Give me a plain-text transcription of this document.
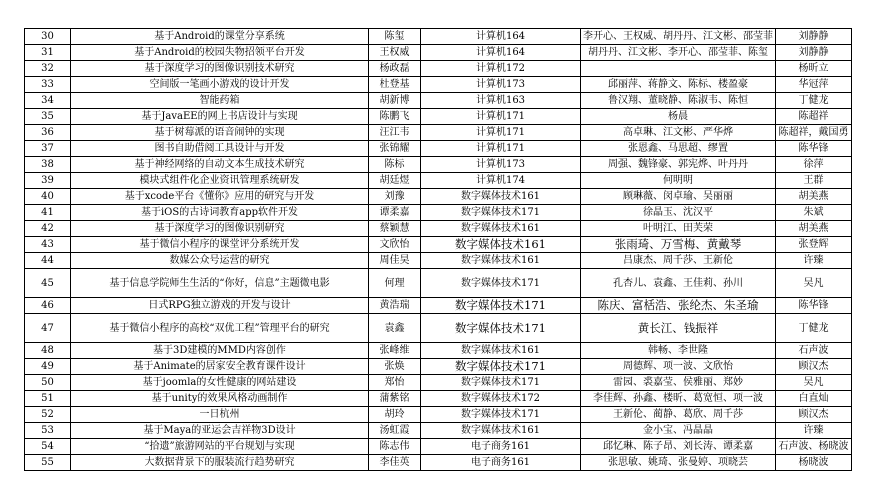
30	基于Android的课堂分享系统	陈玺	计算机164	李开心、王权威、胡丹丹、江文彬、邵莹菲	刘静静
31	基于Android的校园失物招领平台开发	王权威	计算机164	胡丹丹、江文彬、李开心、邵莹菲、陈玺	刘静静
32	基于深度学习的图像识别技术研究	杨政磊	计算机172		杨昕立
33	空间版一笔画小游戏的设计开发	杜登基	计算机173	邱丽萍、蒋静文、陈标、楼盈豪	华冠萍
34	智能药箱	胡新博	计算机163	鲁汉翔、董晓静、陈淑韦、陈恒	丁健龙
35	基于JavaEE的网上书店设计与实现	陈鹏飞	计算机171	杨晨	陈超祥
36	基于树莓派的语音闹钟的实现	汪江韦	计算机171	高卓琳、江文彬、严华烨	陈超祥，戴国勇
37	图书自助借阅工具设计与开发	张锦耀	计算机171	张恩鑫、马思超、缪置	陈华锋
38	基于神经网络的自动文本生成技术研究	陈标	计算机173	周强、魏锋豪、郭宪烨、叶丹丹	徐萍
39	模块式组件化企业资讯管理系统研发	胡廷煜	计算机174	何明明	王群
40	基于xcode平台《懂你》应用的研究与开发	刘豫	数字媒体技术161	顾琳薇、闵卓瑜、吴丽丽	胡美燕
41	基于iOS的古诗词教育app软件开发	谭柔嘉	数字媒体技术171	徐晶玉、沈汉平	朱斌
42	基于深度学习的图像识别研究	蔡颖慧	数字媒体技术161	叶明江、田芙荣	胡美燕
43	基于微信小程序的课堂评分系统开发	文欣怡	数字媒体技术161	张雨琦、万雪梅、黄戴琴	张登辉
44	数媒公众号运营的研究	周佳昊	数字媒体技术161	吕康杰、周千莎、王新伦	许臻
45	基于信息学院师生生活的“你好，信息”主题微电影	何理	数字媒体技术171	孔杏儿、袁鑫、王佳莉、孙川	吴凡
46	日式RPG独立游戏的开发与设计	黄浩瑞	数字媒体技术171	陈庆、富栝浩、张纶杰、朱圣瑜	陈华锋
47	基于微信小程序的高校“双优工程”管理平台的研究	袁鑫	数字媒体技术171	黄长江、钱振祥	丁健龙
48	基于3D建模的MMD内容创作	张峰维	数字媒体技术161	韩畅、李世隆	石声波
49	基于Animate的居家安全教育课件设计	张焕	数字媒体技术171	周德辉、项一波、文欣怡	顾汉杰
50	基于joomla的女性健康的网站建设	郑怡	数字媒体技术171	雷园、裘嘉莹、侯雅丽、郑妙	吴凡
51	基于unity的效果风格动画制作	蒲紫铭	数字媒体技术172	李佳辉、孙鑫、楼昕、葛宽恒、项一波	白直灿
52	一日杭州	胡玲	数字媒体技术171	王新伦、蔺静、葛欣、周千莎	顾汉杰
53	基于Maya的亚运会吉祥物3D设计	汤虹霞	数字媒体技术161	金小宝、冯晶晶	许臻
54	“拾遗”旅游网站的平台规划与实现	陈志伟	电子商务161	邱忆琳、陈子昂、刘长涛、谭柔嘉	石声波、杨晓波
55	大数据背景下的服装流行趋势研究	李佳英	电子商务161	张思敏、姚琦、张曼婷、项晓芸	杨晓波
